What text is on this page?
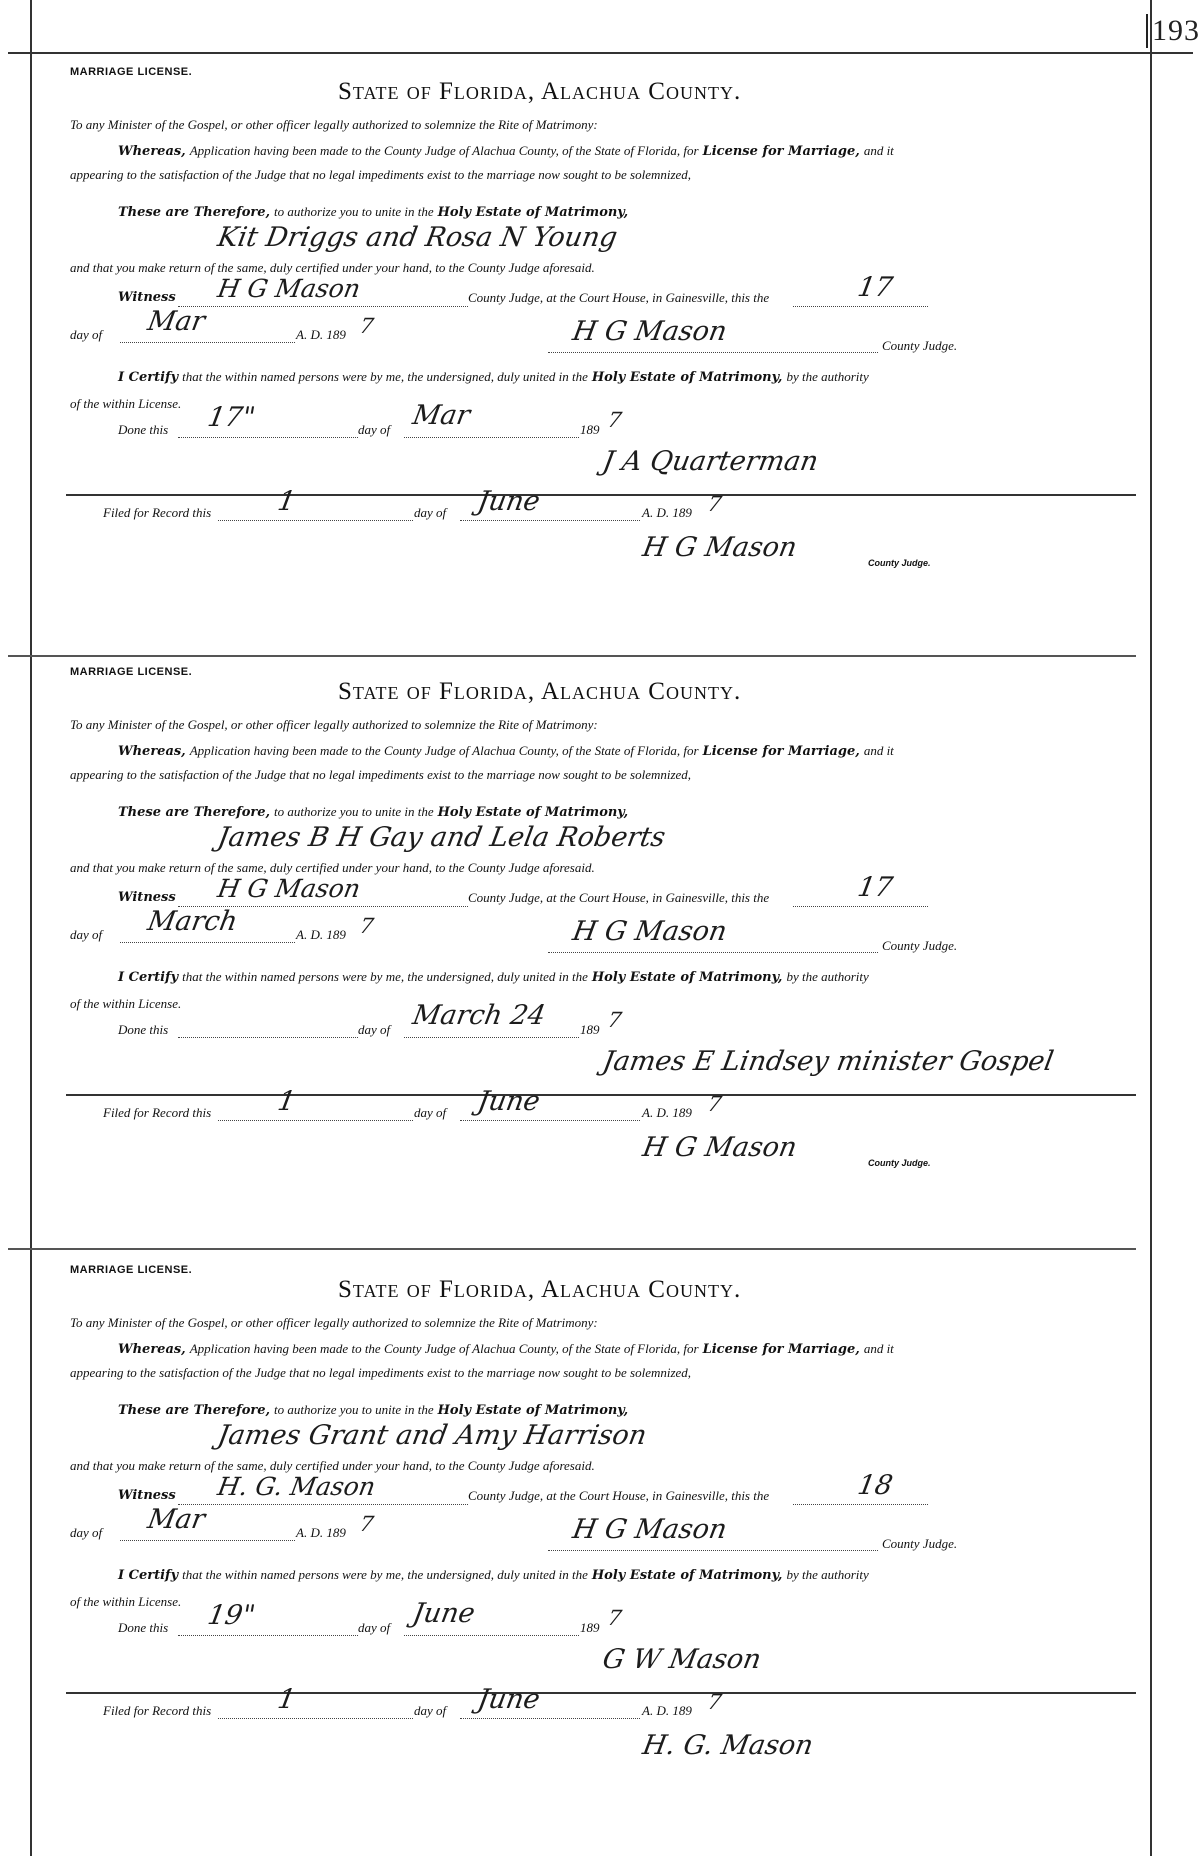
193
MARRIAGE LICENSE.
State of Florida, Alachua County.
To any Minister of the Gospel, or other officer legally authorized to solemnize the Rite of Matrimony:
Whereas, Application having been made to the County Judge of Alachua County, of the State of Florida, for License for Marriage, and it
appearing to the satisfaction of the Judge that no legal impediments exist to the marriage now sought to be solemnized,
These are Therefore, to authorize you to unite in the Holy Estate of Matrimony,
Kit Driggs and Rosa N Young
and that you make return of the same, duly certified under your hand, to the County Judge aforesaid.
Witness H G Mason	County Judge, at the Court House, in Gainesville, this the	17
day of Mar	A. D. 189 7	H G Mason	County Judge.
I Certify that the within named persons were by me, the undersigned, duly united in the Holy Estate of Matrimony, by the authority
of the within License.
Done this 17"	day of Mar	189 7
J A Quarterman
Filed for Record this 1	day of June	A. D. 189 7
H G Mason	County Judge.
MARRIAGE LICENSE.
State of Florida, Alachua County.
To any Minister of the Gospel, or other officer legally authorized to solemnize the Rite of Matrimony:
Whereas, Application having been made to the County Judge of Alachua County, of the State of Florida, for License for Marriage, and it
appearing to the satisfaction of the Judge that no legal impediments exist to the marriage now sought to be solemnized,
These are Therefore, to authorize you to unite in the Holy Estate of Matrimony,
James B H Gay and Lela Roberts
and that you make return of the same, duly certified under your hand, to the County Judge aforesaid.
Witness H G Mason	County Judge, at the Court House, in Gainesville, this the	17
day of March	A. D. 189 7	H G Mason	County Judge.
I Certify that the within named persons were by me, the undersigned, duly united in the Holy Estate of Matrimony, by the authority
of the within License.
Done this	day of March 24 189 7
James E Lindsey minister Gospel
Filed for Record this 1	day of June	A. D. 189 7
H G Mason	County Judge.
MARRIAGE LICENSE.
State of Florida, Alachua County.
To any Minister of the Gospel, or other officer legally authorized to solemnize the Rite of Matrimony:
Whereas, Application having been made to the County Judge of Alachua County, of the State of Florida, for License for Marriage, and it
appearing to the satisfaction of the Judge that no legal impediments exist to the marriage now sought to be solemnized,
These are Therefore, to authorize you to unite in the Holy Estate of Matrimony,
James Grant and Amy Harrison
and that you make return of the same, duly certified under your hand, to the County Judge aforesaid.
Witness H. G. Mason	County Judge, at the Court House, in Gainesville, this the	18
day of Mar	A. D. 189 7	H G Mason	County Judge.
I Certify that the within named persons were by me, the undersigned, duly united in the Holy Estate of Matrimony, by the authority
of the within License.
Done this 19"	day of June	189 7
G W Mason
Filed for Record this 1	day of June	A. D. 189 7
H. G. Mason
